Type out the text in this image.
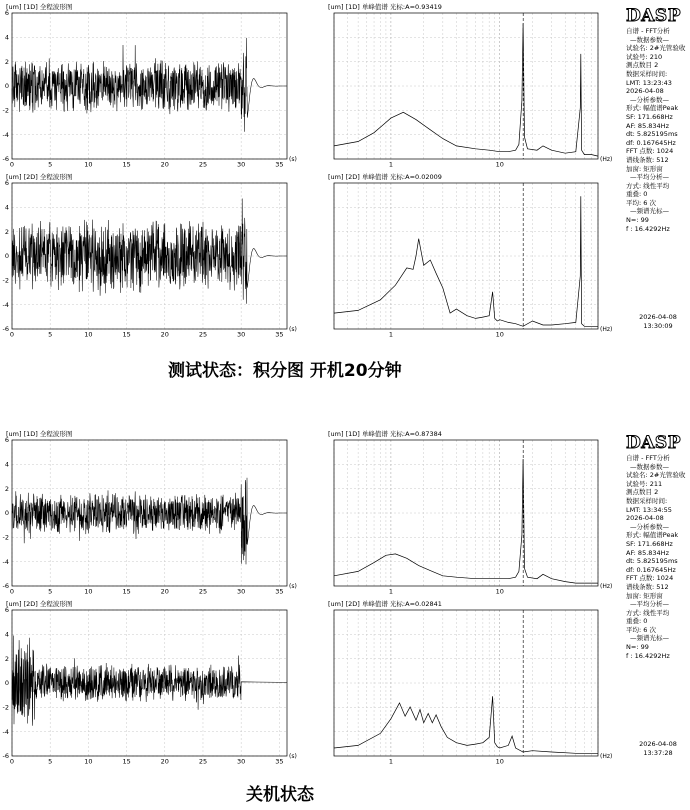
[um] [1D] 全程波形图
0	5	10	15	20	25	30	35
6
4
2
0
-2
-4
-6	(s)
[um] [1D] 单峰值谱 光标:A=0.93419
1	10
(Hz)
[um] [2D] 全程波形图
0	5	10	15	20	25	30	35
6
4
2
0
-2
-4
-6	(s)
[um] [2D] 单峰值谱 光标:A=0.02009
1	10
(Hz)
DASP
自谱 - FFT分析
—数据参数—
试验名: 2#光管验收
试验号: 210
测点数目 2
数据采样时间:
LMT: 13:23:43
2026-04-08
—分析参数—
形式: 幅值谱Peak
SF: 171.668Hz
AF: 85.834Hz
dt: 5.825195ms
df: 0.167645Hz
FFT 点数: 1024
谱线条数: 512
加窗: 矩形窗
—平均分析—
方式: 线性平均
重叠: 0
平均: 6 次
—频谱光标—
N=: 99
f : 16.4292Hz
2026-04-08
13:30:09
测试状态：积分图 开机20分钟
[um] [1D] 全程波形图
0	5	10	15	20	25	30	35
6
4
2
0
-2
-4
-6	(s)
[um] [1D] 单峰值谱 光标:A=0.87384
1	10
(Hz)
[um] [2D] 全程波形图
0	5	10	15	20	25	30	35
6
4
2
0
-2
-4
-6	(s)
[um] [2D] 单峰值谱 光标:A=0.02841
1	10
(Hz)
DASP
自谱 - FFT分析
—数据参数—
试验名: 2#光管验收
试验号: 211
测点数目 2
数据采样时间:
LMT: 13:34:55
2026-04-08
—分析参数—
形式: 幅值谱Peak
SF: 171.668Hz
AF: 85.834Hz
dt: 5.825195ms
df: 0.167645Hz
FFT 点数: 1024
谱线条数: 512
加窗: 矩形窗
—平均分析—
方式: 线性平均
重叠: 0
平均: 6 次
—频谱光标—
N=: 99
f : 16.4292Hz
2026-04-08
13:37:28
关机状态
